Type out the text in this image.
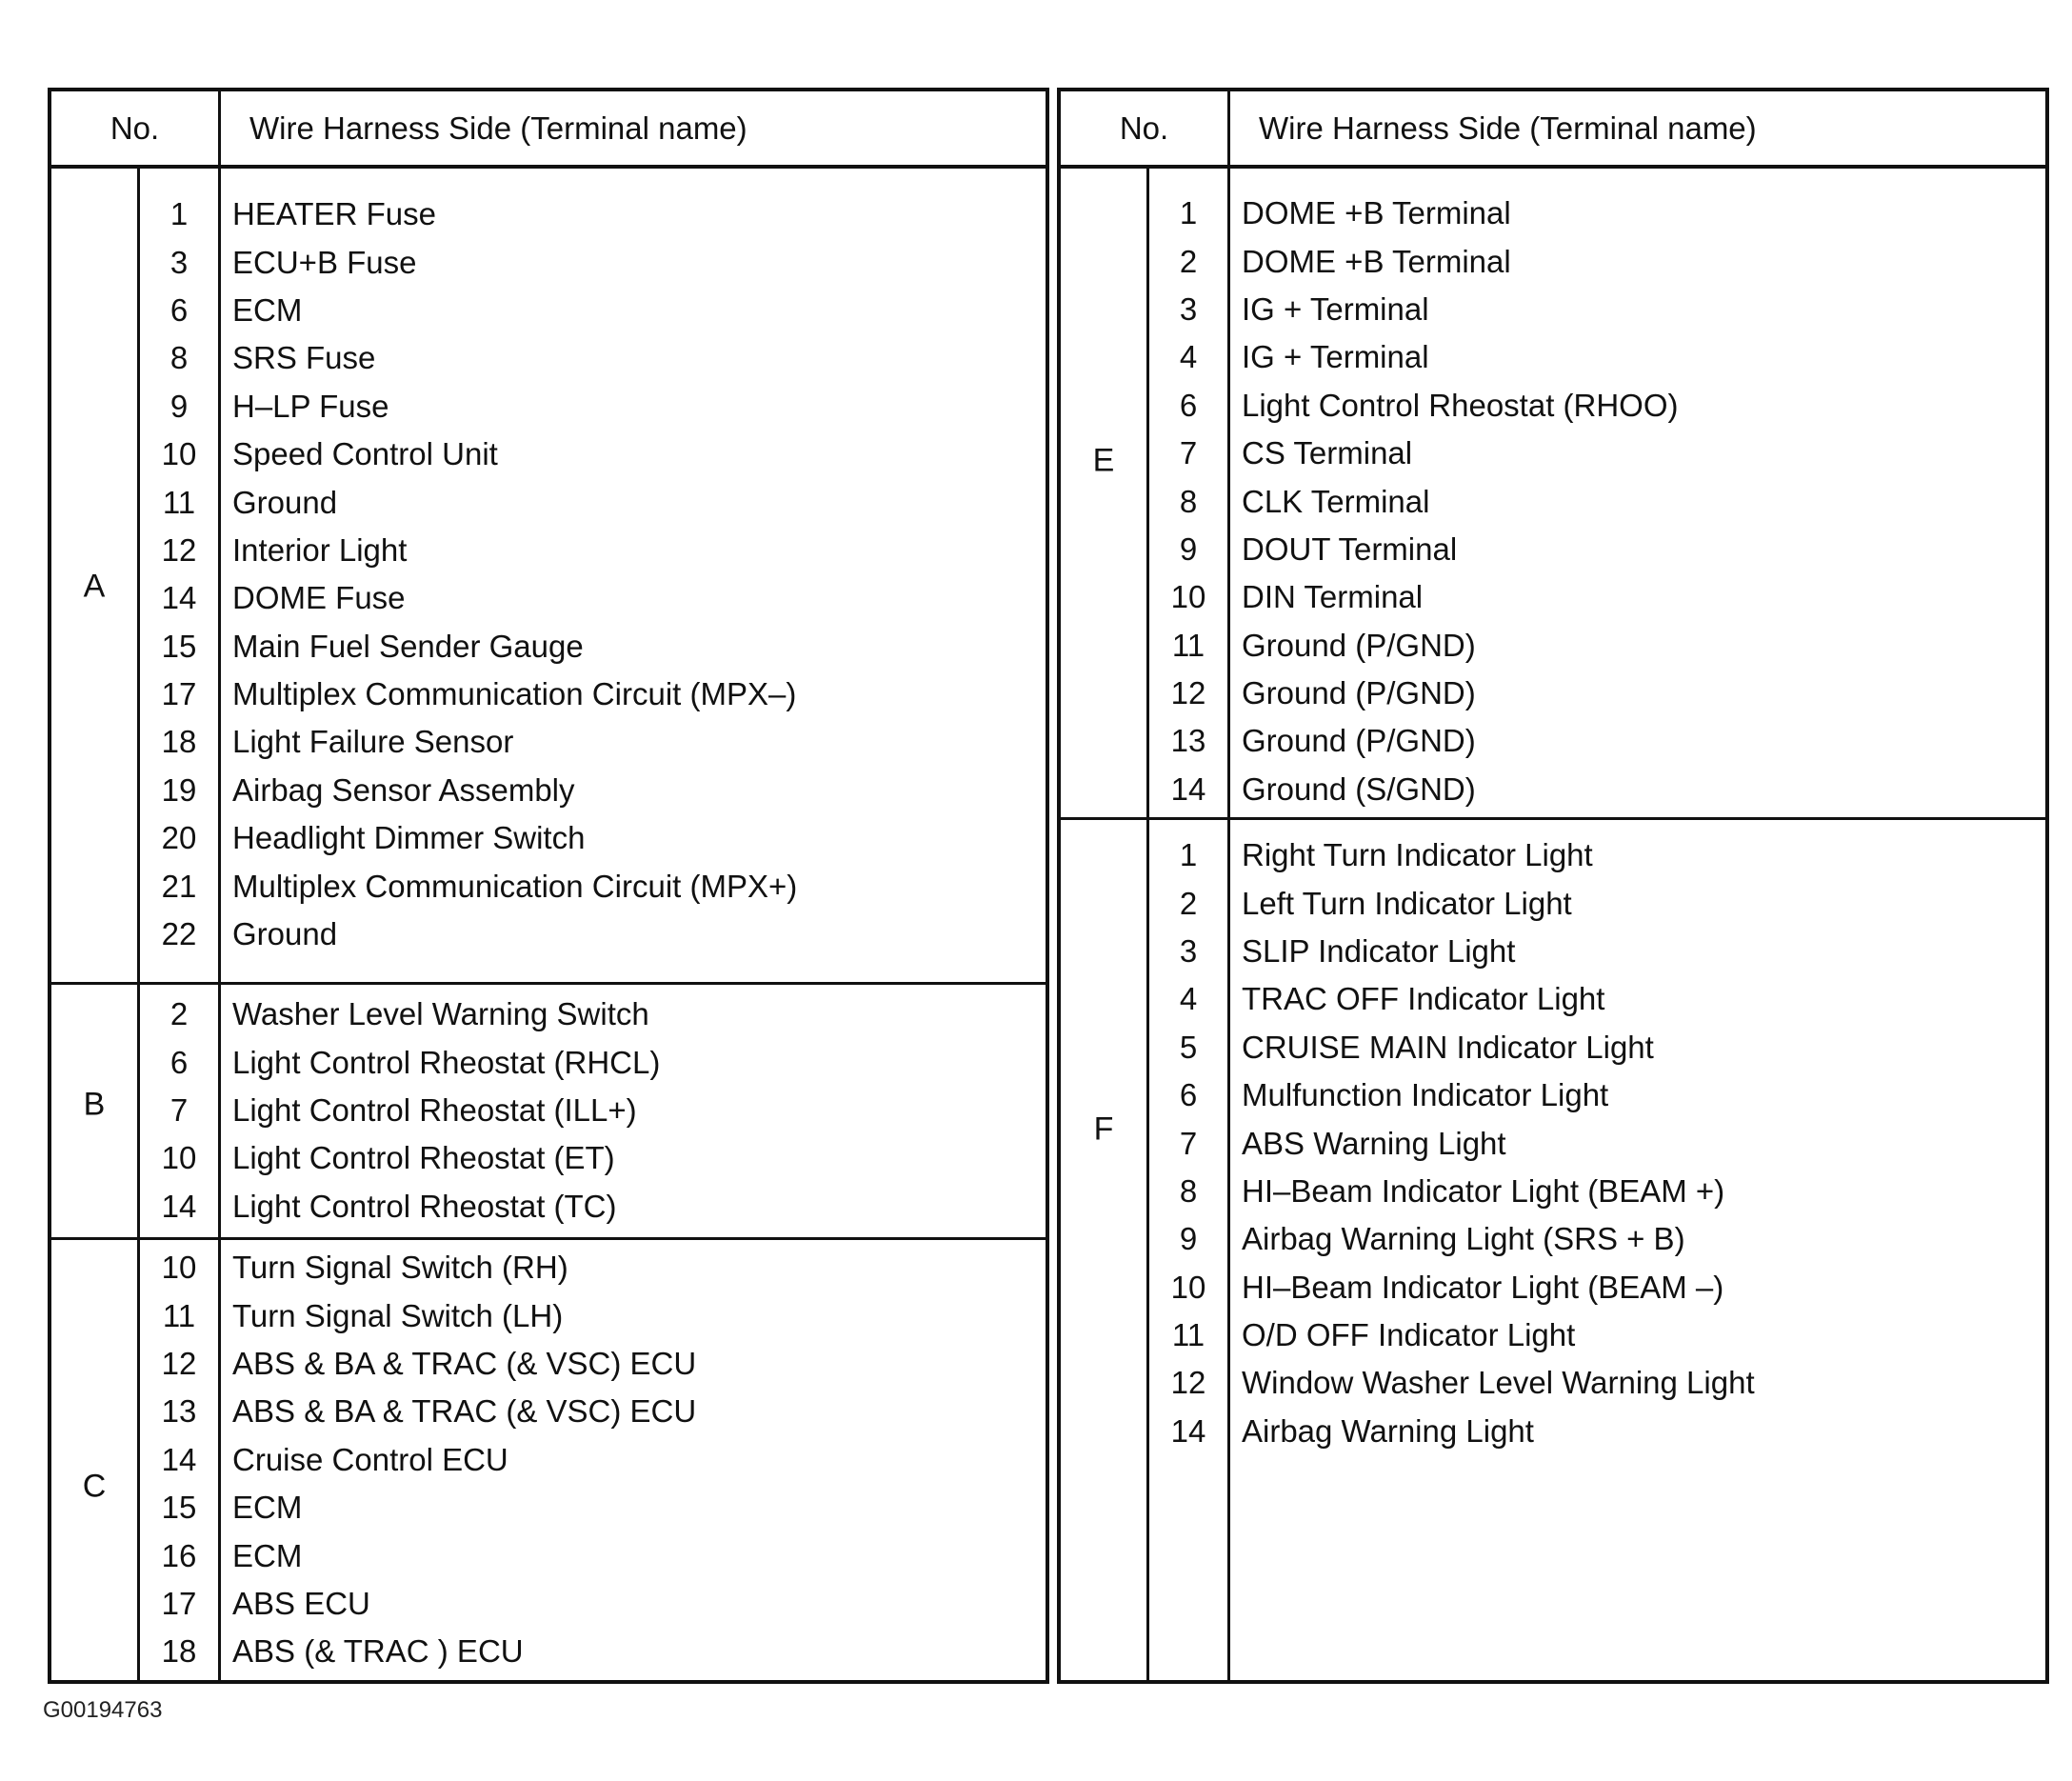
No.	Wire Harness Side (Terminal name)
A
1	HEATER Fuse
3	ECU+B Fuse
6	ECM
8	SRS Fuse
9	H–LP Fuse
10	Speed Control Unit
11	Ground
12	Interior Light
14	DOME Fuse
15	Main Fuel Sender Gauge
17	Multiplex Communication Circuit (MPX–)
18	Light Failure Sensor
19	Airbag Sensor Assembly
20	Headlight Dimmer Switch
21	Multiplex Communication Circuit (MPX+)
22	Ground
B
2	Washer Level Warning Switch
6	Light Control Rheostat (RHCL)
7	Light Control Rheostat (ILL+)
10	Light Control Rheostat (ET)
14	Light Control Rheostat (TC)
C
10	Turn Signal Switch (RH)
11	Turn Signal Switch (LH)
12	ABS & BA & TRAC (& VSC) ECU
13	ABS & BA & TRAC (& VSC) ECU
14	Cruise Control ECU
15	ECM
16	ECM
17	ABS ECU
18	ABS (& TRAC ) ECU
No.	Wire Harness Side (Terminal name)
E
1	DOME +B Terminal
2	DOME +B Terminal
3	IG + Terminal
4	IG + Terminal
6	Light Control Rheostat (RHOO)
7	CS Terminal
8	CLK Terminal
9	DOUT Terminal
10	DIN Terminal
11	Ground (P/GND)
12	Ground (P/GND)
13	Ground (P/GND)
14	Ground (S/GND)
F
1	Right Turn Indicator Light
2	Left Turn Indicator Light
3	SLIP Indicator Light
4	TRAC OFF Indicator Light
5	CRUISE MAIN Indicator Light
6	Mulfunction Indicator Light
7	ABS Warning Light
8	HI–Beam Indicator Light (BEAM +)
9	Airbag Warning Light (SRS + B)
10	HI–Beam Indicator Light (BEAM –)
11	O/D OFF Indicator Light
12	Window Washer Level Warning Light
14	Airbag Warning Light
G00194763
